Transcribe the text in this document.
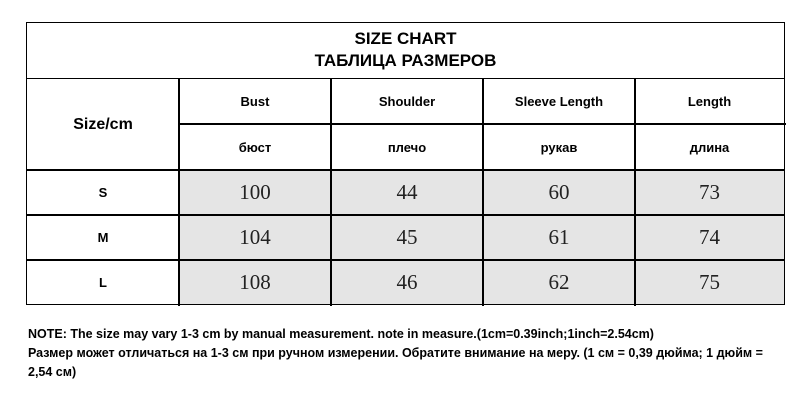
SIZE CHART
ТАБЛИЦА РАЗМЕРОВ
Size/cm
Bust	Shoulder	Sleeve Length	Length
бюст	плечо	рукав	длина
S	100	44	60	73
M	104	45	61	74
L	108	46	62	75

NOTE: The size may vary 1-3 cm by manual measurement. note in measure.(1cm=0.39inch;1inch=2.54cm)

Размер может отличаться на 1-3 см при ручном измерении. Обратите внимание на меру. (1 см = 0,39 дюйма; 1 дюйм = 2,54 см)
